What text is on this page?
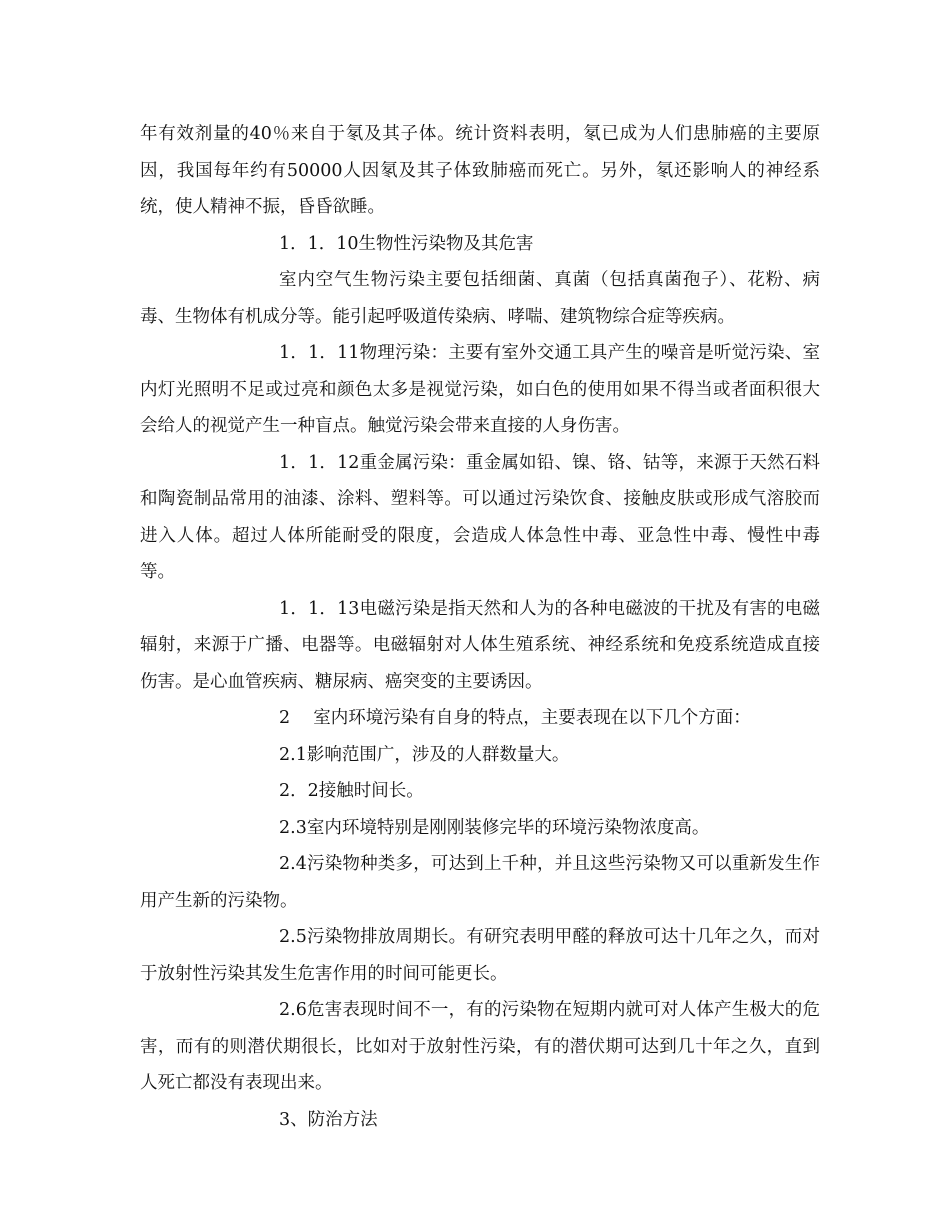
年有效剂量的40％来自于氡及其子体。统计资料表明，氡已成为人们患肺癌的主要原因，我国每年约有50000人因氡及其子体致肺癌而死亡。另外，氡还影响人的神经系统，使人精神不振，昏昏欲睡。

1．1．10生物性污染物及其危害

室内空气生物污染主要包括细菌、真菌（包括真菌孢子）、花粉、病毒、生物体有机成分等。能引起呼吸道传染病、哮喘、建筑物综合症等疾病。

1．1．11物理污染：主要有室外交通工具产生的噪音是听觉污染、室内灯光照明不足或过亮和颜色太多是视觉污染，如白色的使用如果不得当或者面积很大会给人的视觉产生一种盲点。触觉污染会带来直接的人身伤害。

1．1．12重金属污染：重金属如铅、镍、铬、钴等，来源于天然石料和陶瓷制品常用的油漆、涂料、塑料等。可以通过污染饮食、接触皮肤或形成气溶胶而进入人体。超过人体所能耐受的限度，会造成人体急性中毒、亚急性中毒、慢性中毒等。

1．1．13电磁污染是指天然和人为的各种电磁波的干扰及有害的电磁辐射，来源于广播、电器等。电磁辐射对人体生殖系统、神经系统和免疫系统造成直接伤害。是心血管疾病、糖尿病、癌突变的主要诱因。

2　 室内环境污染有自身的特点，主要表现在以下几个方面：

2.1影响范围广，涉及的人群数量大。

2．2接触时间长。

2.3室内环境特别是刚刚装修完毕的环境污染物浓度高。

2.4污染物种类多，可达到上千种，并且这些污染物又可以重新发生作用产生新的污染物。

2.5污染物排放周期长。有研究表明甲醛的释放可达十几年之久，而对于放射性污染其发生危害作用的时间可能更长。

2.6危害表现时间不一，有的污染物在短期内就可对人体产生极大的危害，而有的则潜伏期很长，比如对于放射性污染，有的潜伏期可达到几十年之久，直到人死亡都没有表现出来。

3、防治方法
